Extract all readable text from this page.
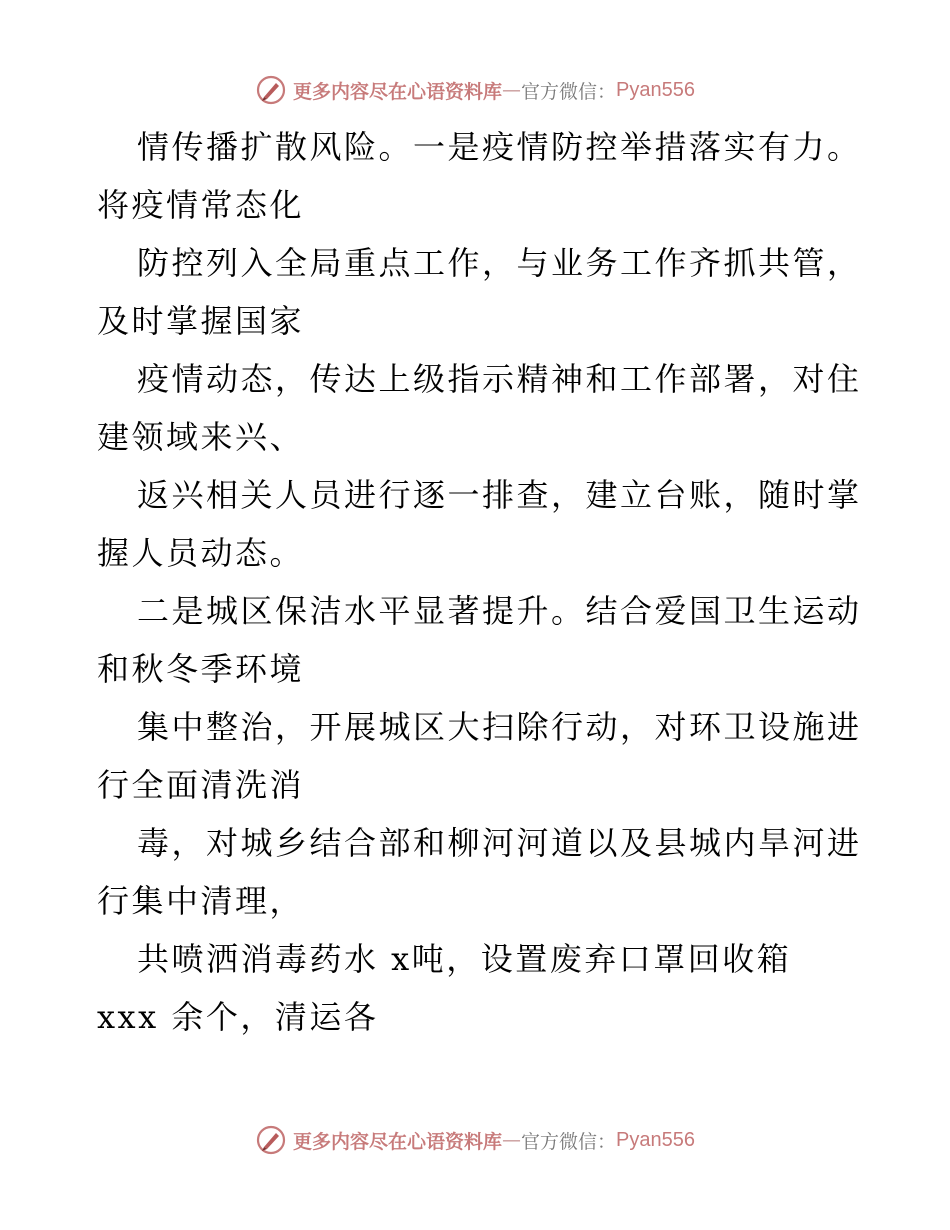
更多内容尽在心语资料库 — 官方微信： Pyan556
情传播扩散风险。一是疫情防控举措落实有力。
将疫情常态化
防控列入全局重点工作，与业务工作齐抓共管，
及时掌握国家
疫情动态，传达上级指示精神和工作部署，对住
建领域来兴、
返兴相关人员进行逐一排查，建立台账，随时掌
握人员动态。
二是城区保洁水平显著提升。结合爱国卫生运动
和秋冬季环境
集中整治，开展城区大扫除行动，对环卫设施进
行全面清洗消
毒，对城乡结合部和柳河河道以及县城内旱河进
行集中清理，
共喷洒消毒药水 x吨，设置废弃口罩回收箱
xxx 余个，清运各
更多内容尽在心语资料库 — 官方微信： Pyan556
